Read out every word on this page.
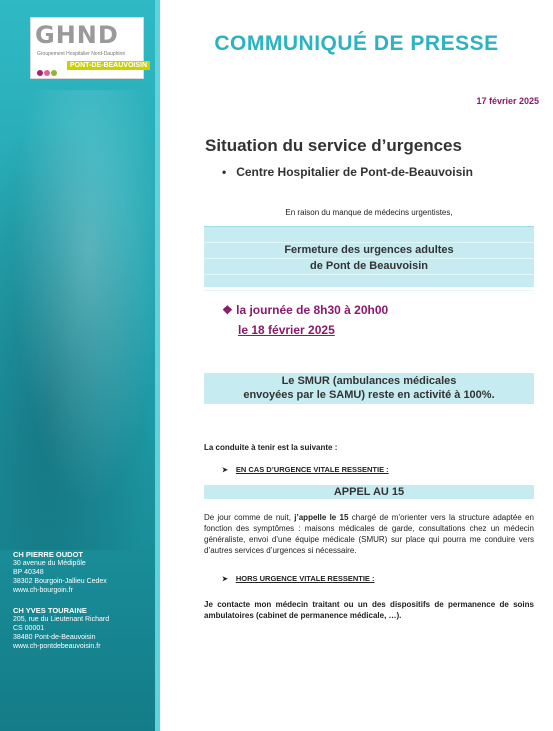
GHND
Groupement Hospitalier Nord-Dauphiné
PONT-DE-BEAUVOISIN
CH PIERRE OUDOT
30 avenue du Médipôle
BP 40348
38302 Bourgoin-Jallieu Cedex
www.ch-bourgoin.fr
CH YVES TOURAINE
205, rue du Lieutenant Richard
CS 00001
38480 Pont-de-Beauvoisin
www.ch-pontdebeauvoisin.fr
COMMUNIQUÉ DE PRESSE
17 février 2025
Situation du service d’urgences
• Centre Hospitalier de Pont-de-Beauvoisin
En raison du manque de médecins urgentistes,
Fermeture des urgences adultes
de Pont de Beauvoisin
❖ la journée de 8h30 à 20h00
le 18 février 2025
Le SMUR (ambulances médicales
envoyées par le SAMU) reste en activité à 100%.
La conduite à tenir est la suivante :
➤ EN CAS D’URGENCE VITALE RESSENTIE :
APPEL AU 15
De jour comme de nuit, j’appelle le 15 chargé de m’orienter vers la structure adaptée en fonction des symptômes : maisons médicales de garde, consultations chez un médecin généraliste, envoi d’une équipe médicale (SMUR) sur place qui pourra me conduire vers d’autres services d’urgences si nécessaire.
➤ HORS URGENCE VITALE RESSENTIE :
Je contacte mon médecin traitant ou un des dispositifs de permanence de soins ambulatoires (cabinet de permanence médicale, …).
